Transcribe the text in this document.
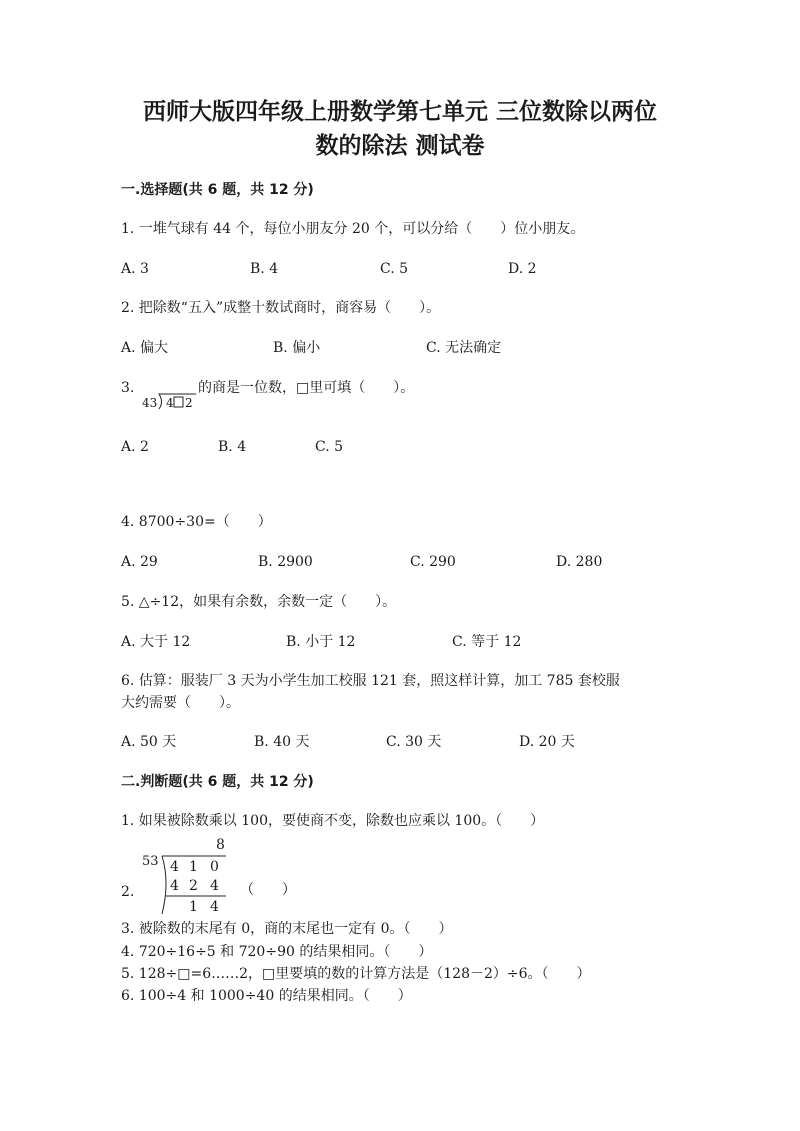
西师大版四年级上册数学第七单元 三位数除以两位
数的除法 测试卷
一.选择题(共 6 题，共 12 分)
1. 一堆气球有 44 个，每位小朋友分 20 个，可以分给（　　）位小朋友。
A. 3	B. 4	C. 5	D. 2
2. 把除数“五入”成整十数试商时，商容易（　　）。
A. 偏大	B. 偏小	C. 无法确定
3.
43 4 2
的商是一位数，□里可填（　　）。
A. 2	B. 4	C. 5
4. 8700÷30=（　　）
A. 29	B. 2900	C. 290	D. 280
5. △÷12，如果有余数，余数一定（　　）。
A. 大于 12	B. 小于 12	C. 等于 12
6. 估算：服装厂 3 天为小学生加工校服 121 套，照这样计算，加工 785 套校服
大约需要（　　）。
A. 50 天	B. 40 天	C. 30 天	D. 20 天
二.判断题(共 6 题，共 12 分)
1. 如果被除数乘以 100，要使商不变，除数也应乘以 100。（　　）
2.
8
53 4 1 0
4 2 4
1 4
（　　）
3. 被除数的末尾有 0，商的末尾也一定有 0。（　　）
4. 720÷16÷5 和 720÷90 的结果相同。（　　）
5. 128÷□=6……2，□里要填的数的计算方法是（128－2）÷6。（　　）
6. 100÷4 和 1000÷40 的结果相同。（　　）
